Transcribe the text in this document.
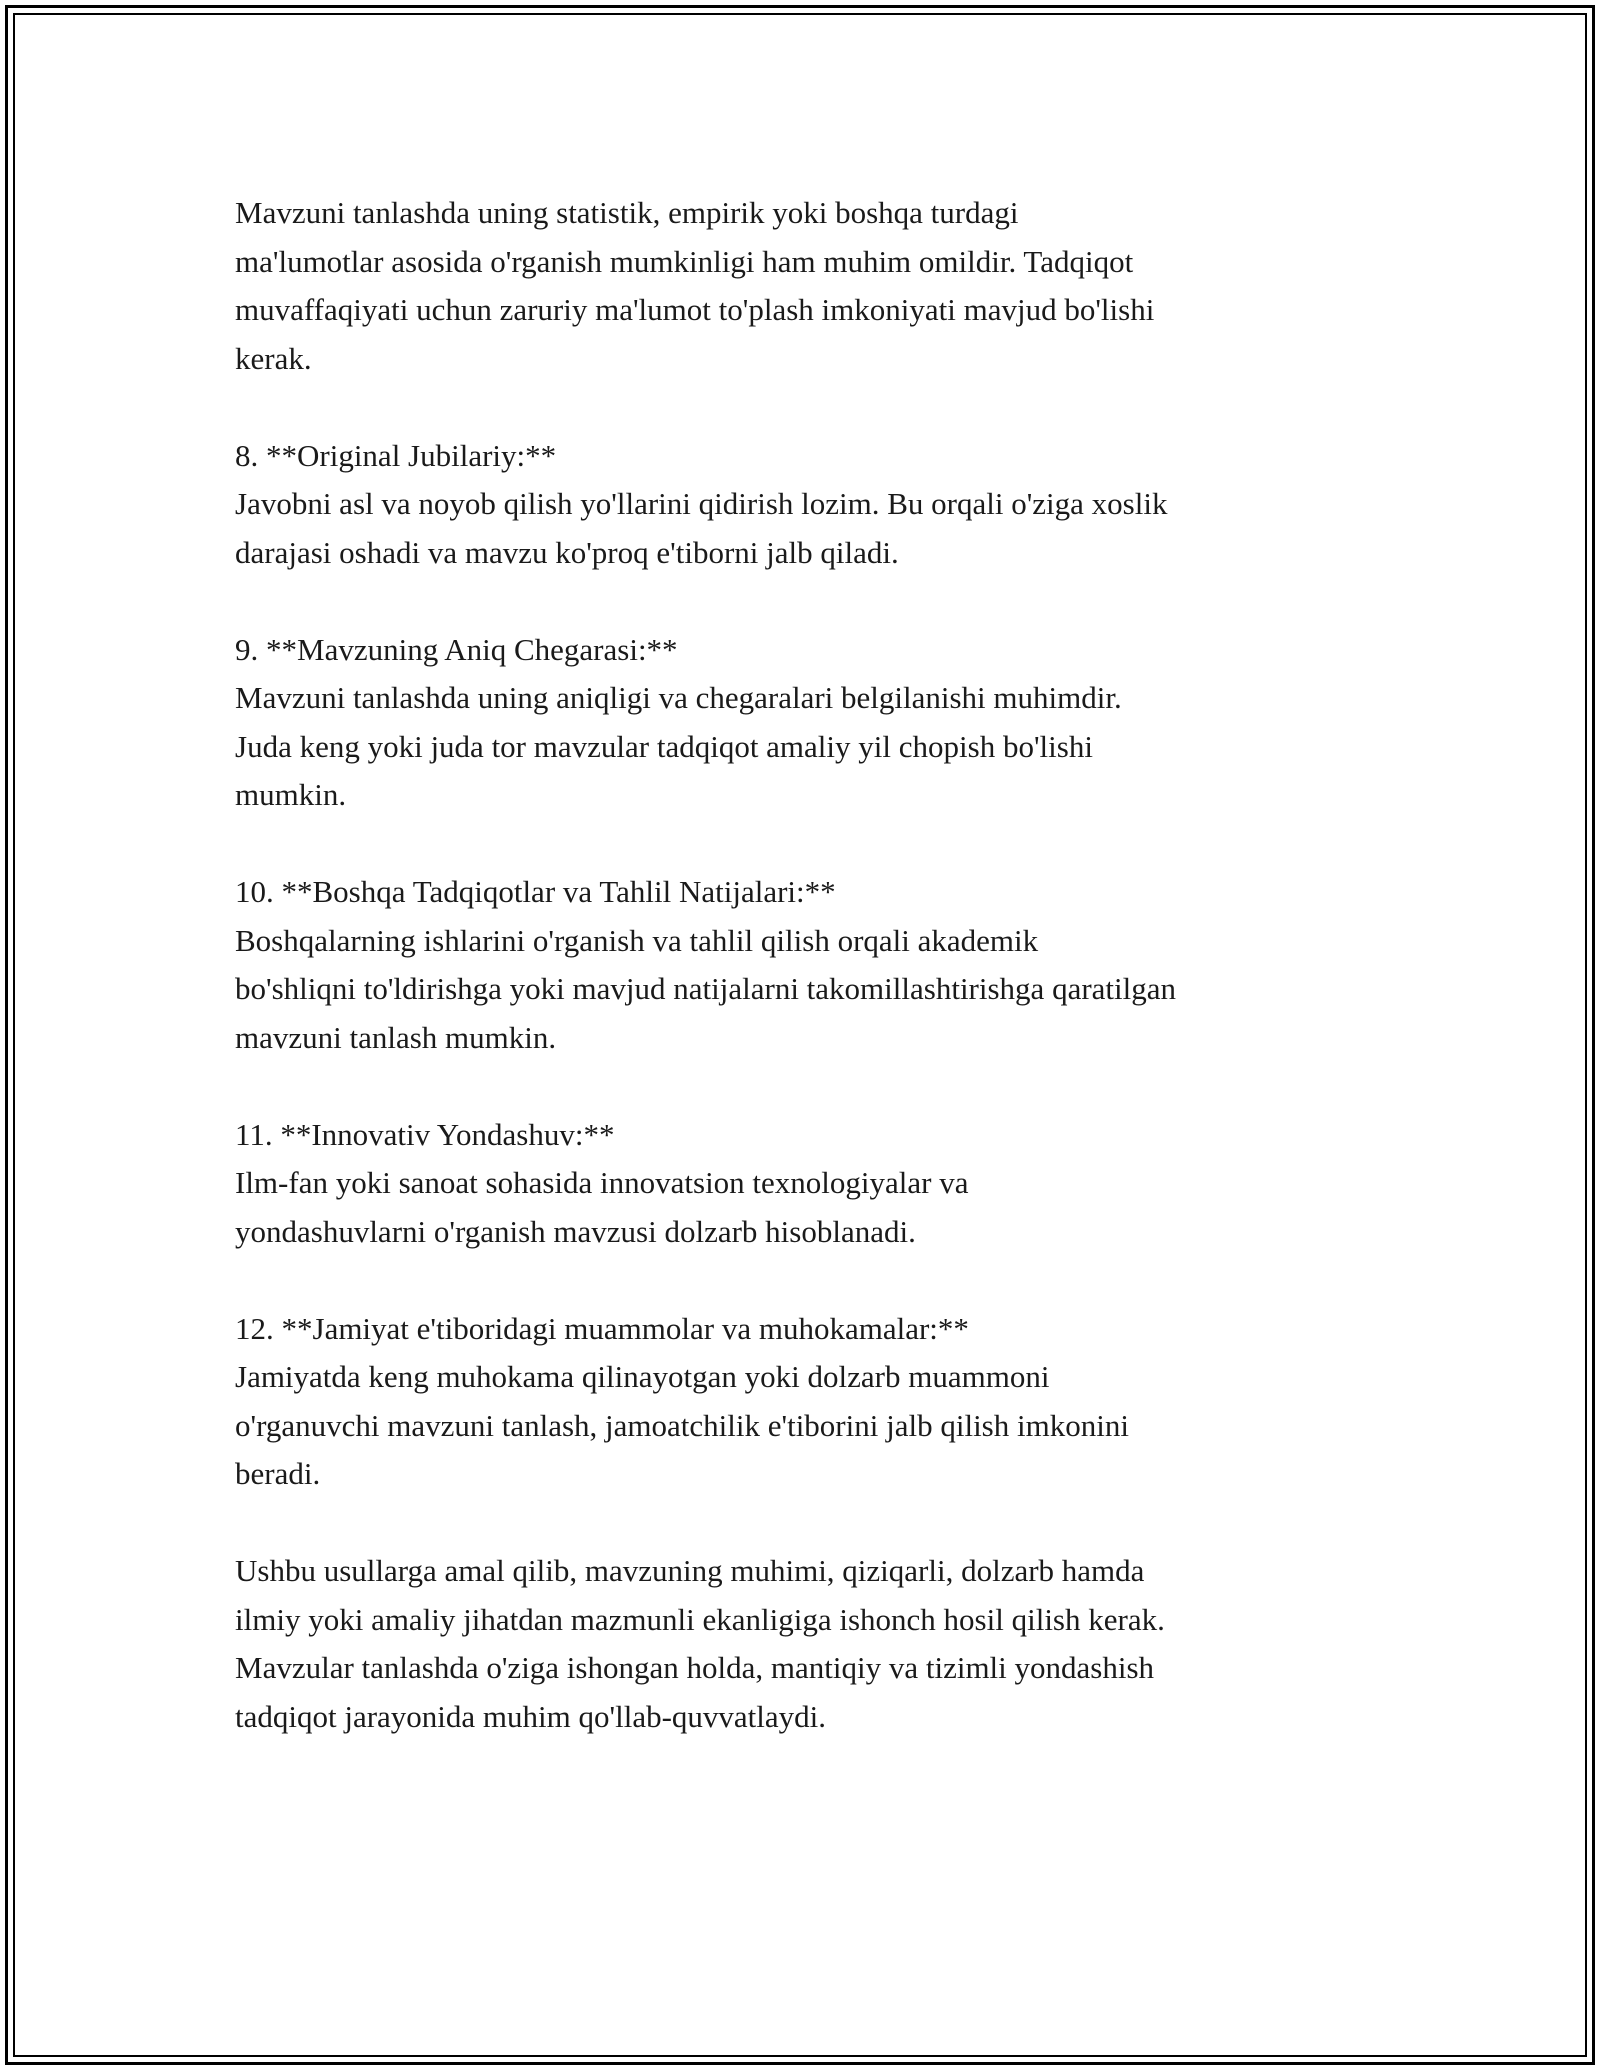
Mavzuni tanlashda uning statistik, empirik yoki boshqa turdagi
ma'lumotlar asosida o'rganish mumkinligi ham muhim omildir. Tadqiqot
muvaffaqiyati uchun zaruriy ma'lumot to'plash imkoniyati mavjud bo'lishi
kerak.

8. **Original Jubilariy:**

Javobni asl va noyob qilish yo'llarini qidirish lozim. Bu orqali o'ziga xoslik
darajasi oshadi va mavzu ko'proq e'tiborni jalb qiladi.

9. **Mavzuning Aniq Chegarasi:**

Mavzuni tanlashda uning aniqligi va chegaralari belgilanishi muhimdir.
Juda keng yoki juda tor mavzular tadqiqot amaliy yil chopish bo'lishi
mumkin.

10. **Boshqa Tadqiqotlar va Tahlil Natijalari:**

Boshqalarning ishlarini o'rganish va tahlil qilish orqali akademik
bo'shliqni to'ldirishga yoki mavjud natijalarni takomillashtirishga qaratilgan
mavzuni tanlash mumkin.

11. **Innovativ Yondashuv:**

Ilm-fan yoki sanoat sohasida innovatsion texnologiyalar va
yondashuvlarni o'rganish mavzusi dolzarb hisoblanadi.

12. **Jamiyat e'tiboridagi muammolar va muhokamalar:**

Jamiyatda keng muhokama qilinayotgan yoki dolzarb muammoni
o'rganuvchi mavzuni tanlash, jamoatchilik e'tiborini jalb qilish imkonini
beradi.

Ushbu usullarga amal qilib, mavzuning muhimi, qiziqarli, dolzarb hamda
ilmiy yoki amaliy jihatdan mazmunli ekanligiga ishonch hosil qilish kerak.
Mavzular tanlashda o'ziga ishongan holda, mantiqiy va tizimli yondashish
tadqiqot jarayonida muhim qo'llab-quvvatlaydi.
